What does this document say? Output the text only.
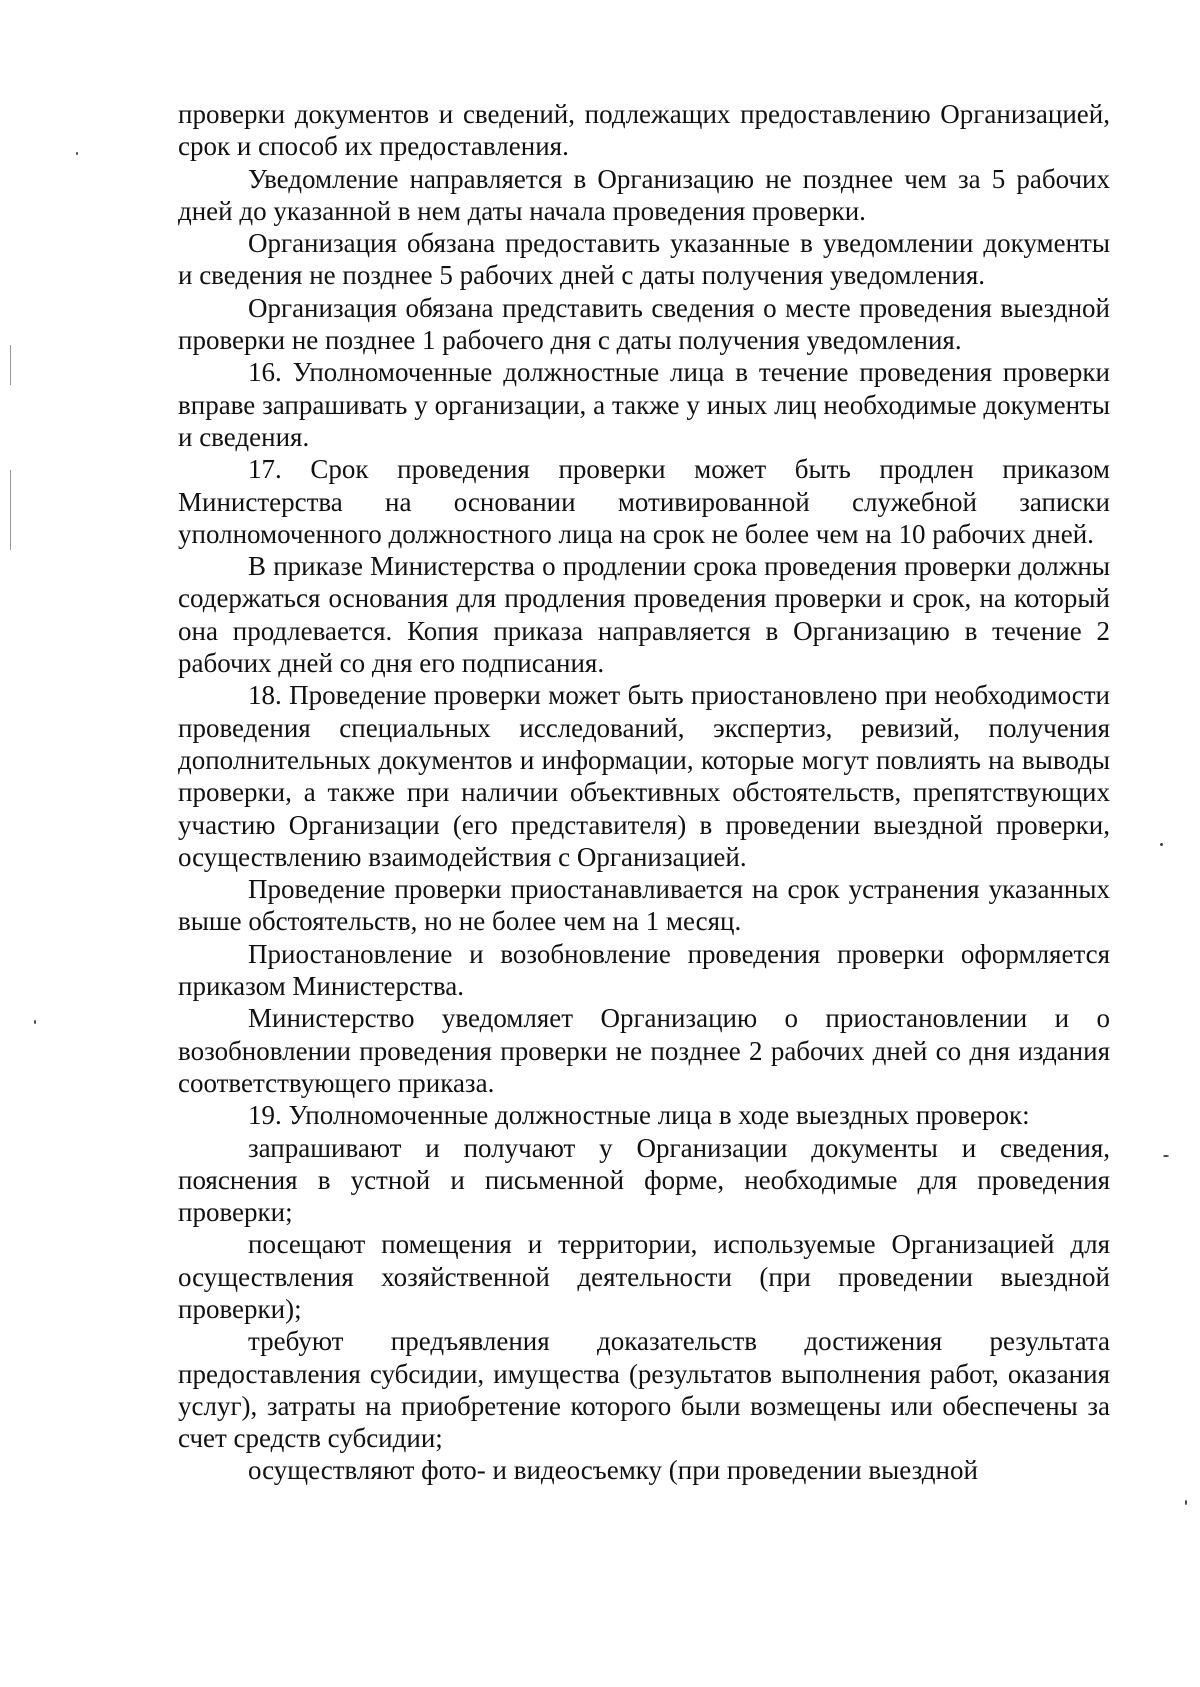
проверки документов и сведений, подлежащих предоставлению Организацией, срок и способ их предоставления.

Уведомление направляется в Организацию не позднее чем за 5 рабочих дней до указанной в нем даты начала проведения проверки.

Организация обязана предоставить указанные в уведомлении документы и сведения не позднее 5 рабочих дней с даты получения уведомления.

Организация обязана представить сведения о месте проведения выездной проверки не позднее 1 рабочего дня с даты получения уведомления.

16. Уполномоченные должностные лица в течение проведения проверки вправе запрашивать у организации, а также у иных лиц необходимые документы и сведения.

17. Срок проведения проверки может быть продлен приказом Министерства на основании мотивированной служебной записки уполномоченного должностного лица на срок не более чем на 10 рабочих дней.

В приказе Министерства о продлении срока проведения проверки должны содержаться основания для продления проведения проверки и срок, на который она продлевается. Копия приказа направляется в Организацию в течение 2 рабочих дней со дня его подписания.

18. Проведение проверки может быть приостановлено при необходимости проведения специальных исследований, экспертиз, ревизий, получения дополнительных документов и информации, которые могут повлиять на выводы проверки, а также при наличии объективных обстоятельств, препятствующих участию Организации (его представителя) в проведении выездной проверки, осуществлению взаимодействия с Организацией.

Проведение проверки приостанавливается на срок устранения указанных выше обстоятельств, но не более чем на 1 месяц.

Приостановление и возобновление проведения проверки оформляется приказом Министерства.

Министерство уведомляет Организацию о приостановлении и о возобновлении проведения проверки не позднее 2 рабочих дней со дня издания соответствующего приказа.

19. Уполномоченные должностные лица в ходе выездных проверок:

запрашивают и получают у Организации документы и сведения, пояснения в устной и письменной форме, необходимые для проведения проверки;

посещают помещения и территории, используемые Организацией для осуществления хозяйственной деятельности (при проведении выездной проверки);

требуют предъявления доказательств достижения результата предоставления субсидии, имущества (результатов выполнения работ, оказания услуг), затраты на приобретение которого были возмещены или обеспечены за счет средств субсидии;

осуществляют фото- и видеосъемку (при проведении выездной
